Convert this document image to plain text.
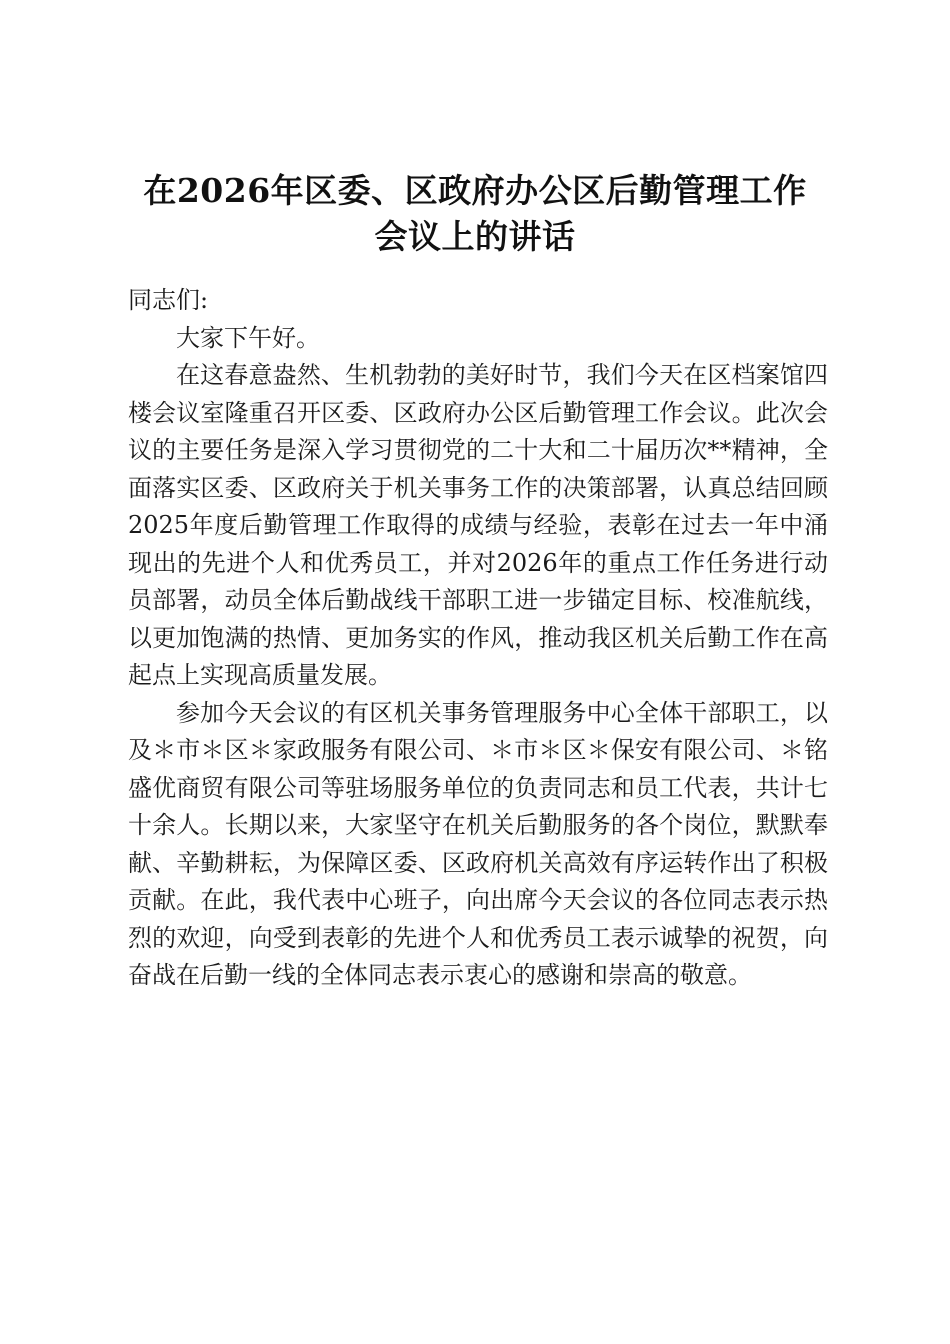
在2026年区委、区政府办公区后勤管理工作
会议上的讲话

同志们:

大家下午好。

在这春意盎然、生机勃勃的美好时节，我们今天在区档案馆四楼会议室隆重召开区委、区政府办公区后勤管理工作会议。此次会议的主要任务是深入学习贯彻党的二十大和二十届历次**精神，全面落实区委、区政府关于机关事务工作的决策部署，认真总结回顾2025年度后勤管理工作取得的成绩与经验，表彰在过去一年中涌现出的先进个人和优秀员工，并对2026年的重点工作任务进行动员部署，动员全体后勤战线干部职工进一步锚定目标、校准航线，以更加饱满的热情、更加务实的作风，推动我区机关后勤工作在高起点上实现高质量发展。

参加今天会议的有区机关事务管理服务中心全体干部职工，以及＊市＊区＊家政服务有限公司、＊市＊区＊保安有限公司、＊铭盛优商贸有限公司等驻场服务单位的负责同志和员工代表，共计七十余人。长期以来，大家坚守在机关后勤服务的各个岗位，默默奉献、辛勤耕耘，为保障区委、区政府机关高效有序运转作出了积极贡献。在此，我代表中心班子，向出席今天会议的各位同志表示热烈的欢迎，向受到表彰的先进个人和优秀员工表示诚挚的祝贺，向奋战在后勤一线的全体同志表示衷心的感谢和崇高的敬意。
